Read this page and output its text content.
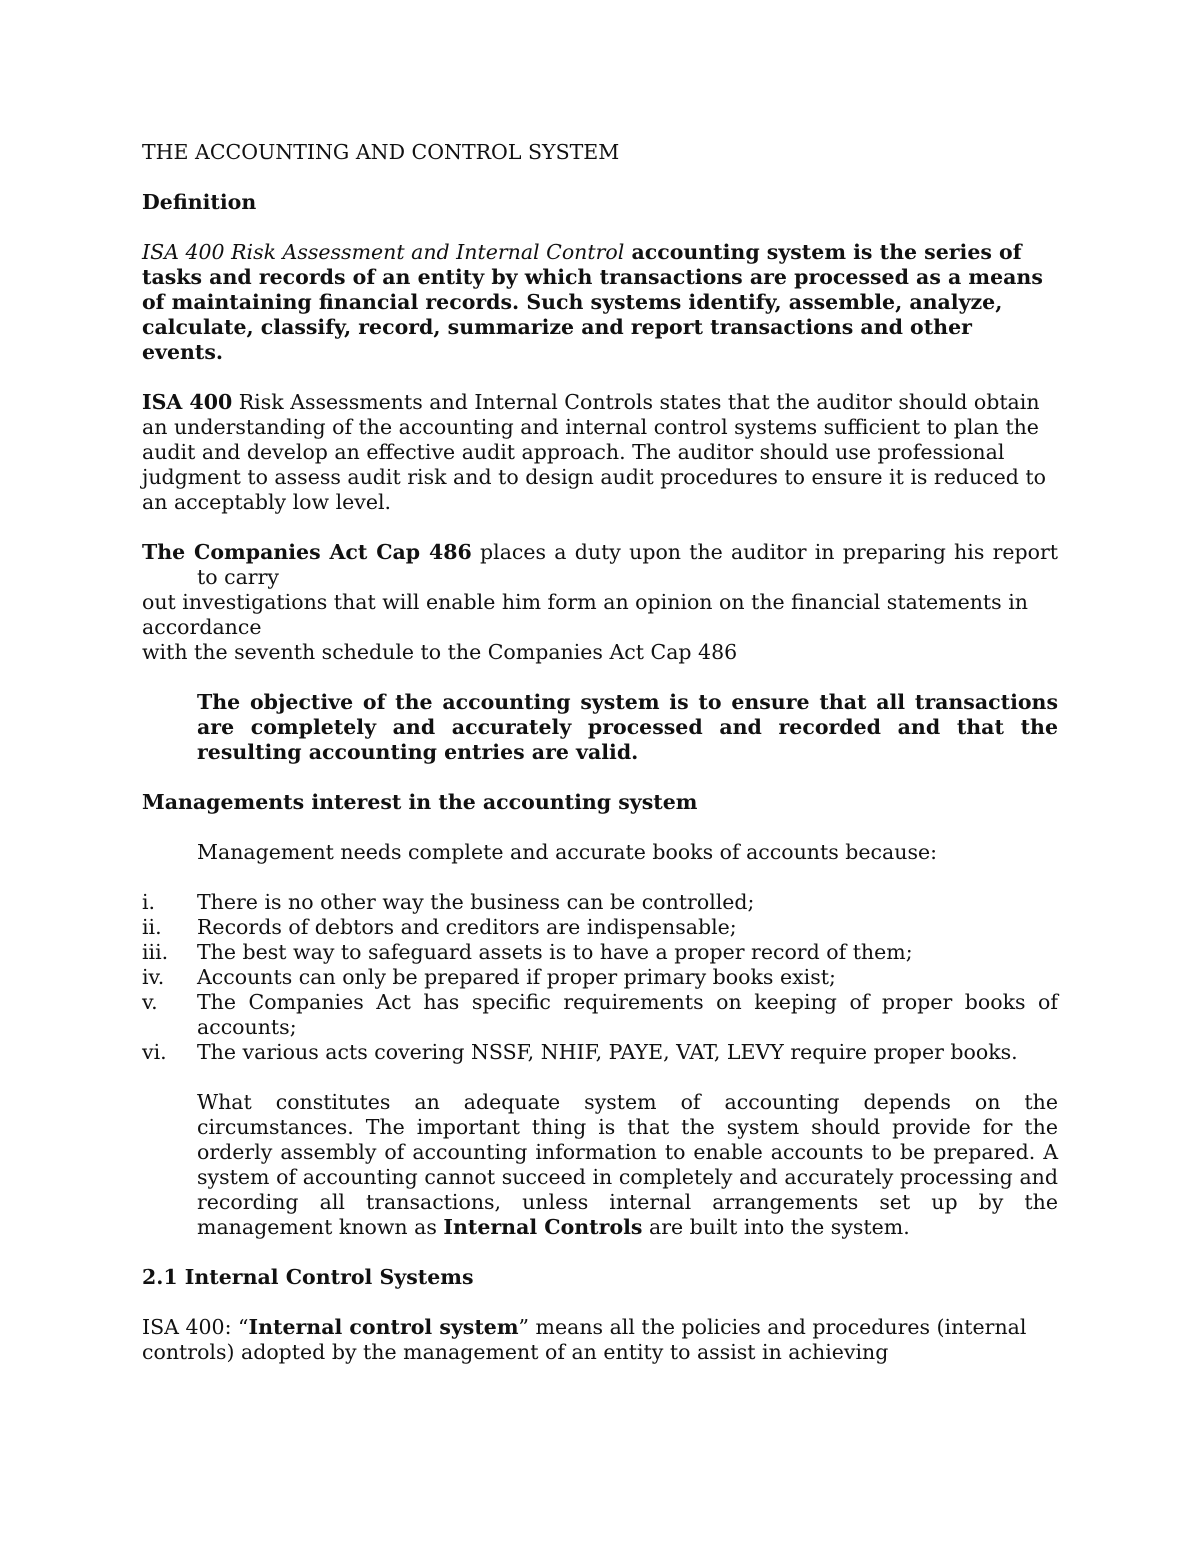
THE ACCOUNTING AND CONTROL SYSTEM

Definition

ISA 400 Risk Assessment and Internal Control accounting system is the series of tasks and records of an entity by which transactions are processed as a means of maintaining financial records. Such systems identify, assemble, analyze, calculate, classify, record, summarize and report transactions and other events.

ISA 400 Risk Assessments and Internal Controls states that the auditor should obtain an understanding of the accounting and internal control systems sufficient to plan the audit and develop an effective audit approach. The auditor should use professional judgment to assess audit risk and to design audit procedures to ensure it is reduced to an acceptably low level.

The Companies Act Cap 486 places a duty upon the auditor in preparing his report to carry

out investigations that will enable him form an opinion on the financial statements in accordance

with the seventh schedule to the Companies Act Cap 486

The objective of the accounting system is to ensure that all transactions are completely and accurately processed and recorded and that the resulting accounting entries are valid.

Managements interest in the accounting system

Management needs complete and accurate books of accounts because:

i.	There is no other way the business can be controlled;
ii.	Records of debtors and creditors are indispensable;
iii.	The best way to safeguard assets is to have a proper record of them;
iv.	Accounts can only be prepared if proper primary books exist;
v.	The Companies Act has specific requirements on keeping of proper books of accounts;
vi.	The various acts covering NSSF, NHIF, PAYE, VAT, LEVY require proper books.

What constitutes an adequate system of accounting depends on the circumstances. The important thing is that the system should provide for the orderly assembly of accounting information to enable accounts to be prepared. A system of accounting cannot succeed in completely and accurately processing and recording all transactions, unless internal arrangements set up by the management known as Internal Controls are built into the system.

2.1 Internal Control Systems

ISA 400: “Internal control system” means all the policies and procedures (internal controls) adopted by the management of an entity to assist in achieving
